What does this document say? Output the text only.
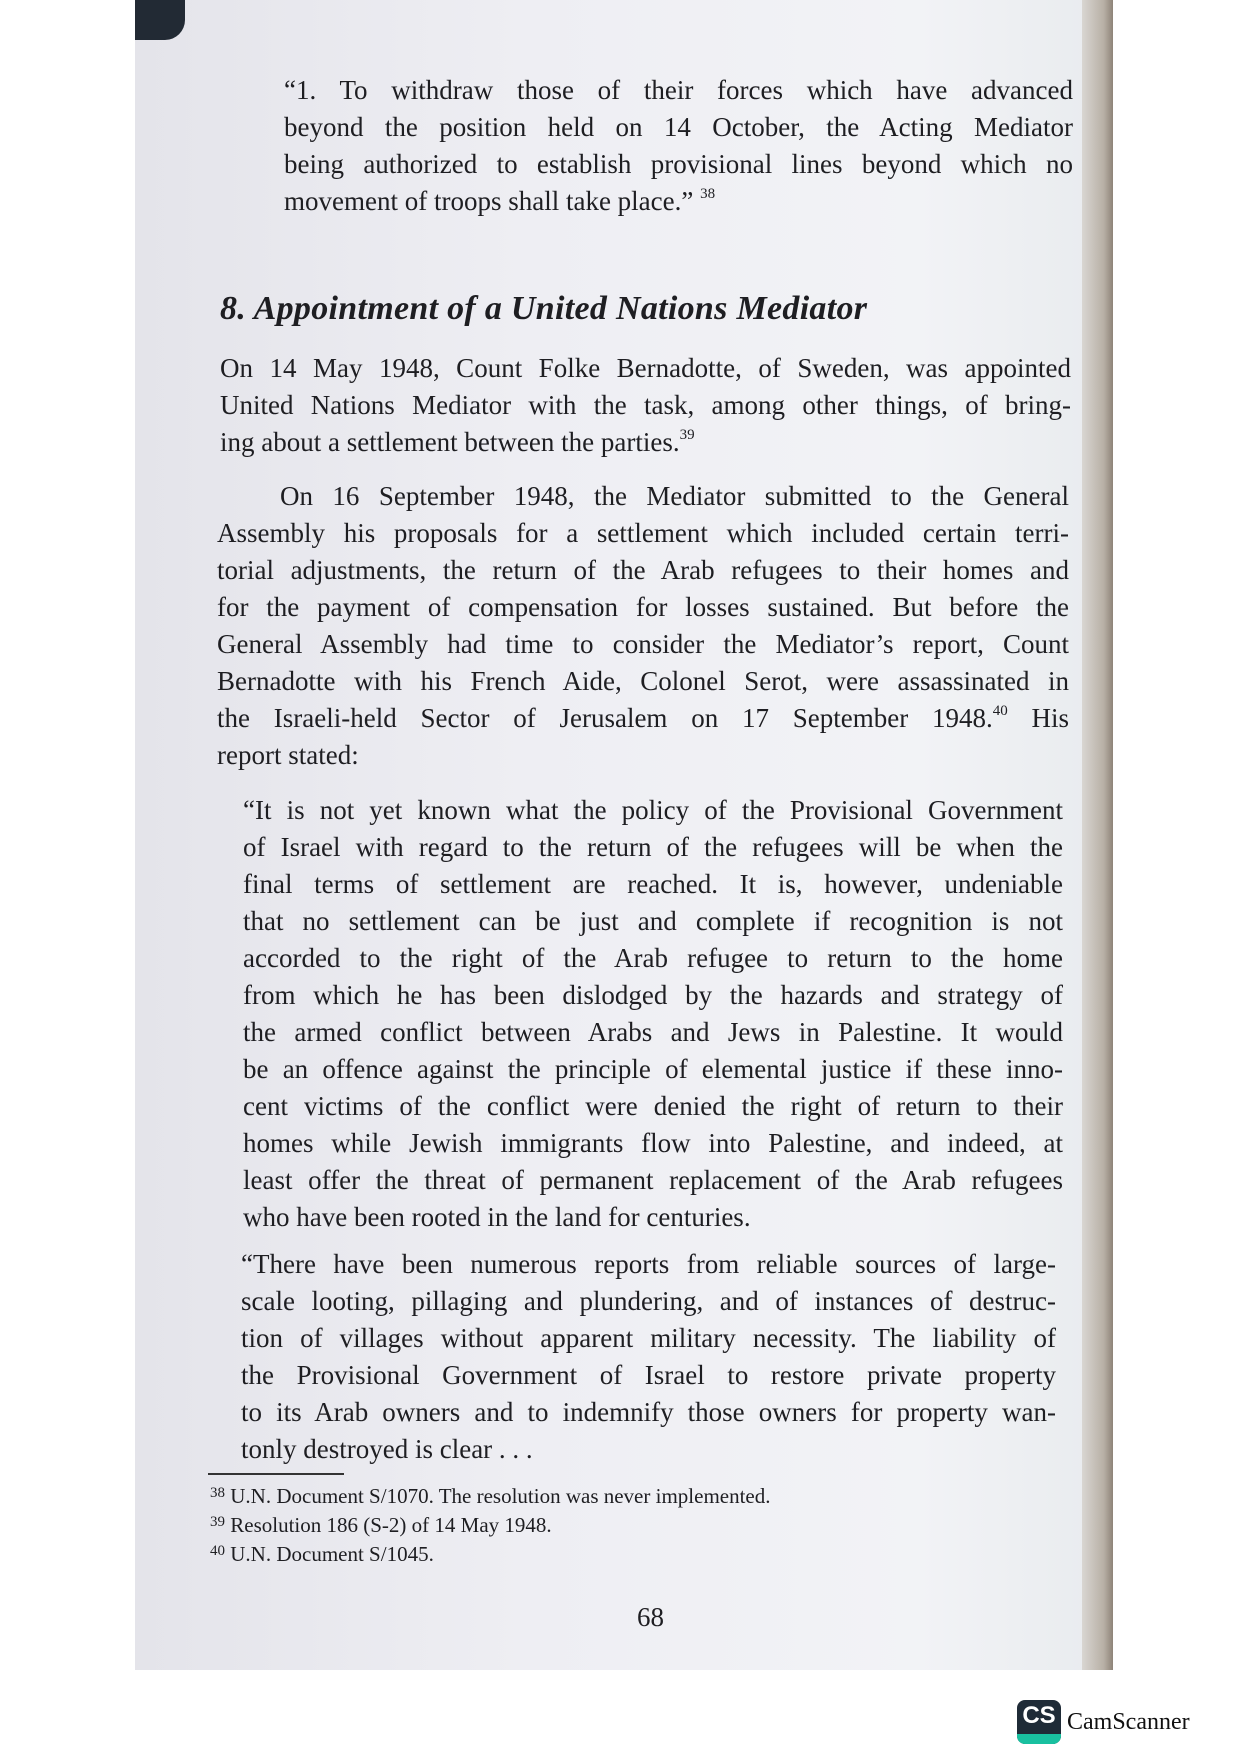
“1. To withdraw those of their forces which have advanced
beyond the position held on 14 October, the Acting Mediator
being authorized to establish provisional lines beyond which no
movement of troops shall take place.” $^{38}$
8. Appointment of a United Nations Mediator
On 14 May 1948, Count Folke Bernadotte, of Sweden, was appointed
United Nations Mediator with the task, among other things, of bring-
ing about a settlement between the parties.$^{39}$
On 16 September 1948, the Mediator submitted to the General
Assembly his proposals for a settlement which included certain terri-
torial adjustments, the return of the Arab refugees to their homes and
for the payment of compensation for losses sustained. But before the
General Assembly had time to consider the Mediator’s report, Count
Bernadotte with his French Aide, Colonel Serot, were assassinated in
the Israeli-held Sector of Jerusalem on 17 September 1948.40 His
report stated:
“It is not yet known what the policy of the Provisional Government
of Israel with regard to the return of the refugees will be when the
final terms of settlement are reached. It is, however, undeniable
that no settlement can be just and complete if recognition is not
accorded to the right of the Arab refugee to return to the home
from which he has been dislodged by the hazards and strategy of
the armed conflict between Arabs and Jews in Palestine. It would
be an offence against the principle of elemental justice if these inno-
cent victims of the conflict were denied the right of return to their
homes while Jewish immigrants flow into Palestine, and indeed, at
least offer the threat of permanent replacement of the Arab refugees
who have been rooted in the land for centuries.
“There have been numerous reports from reliable sources of large-
scale looting, pillaging and plundering, and of instances of destruc-
tion of villages without apparent military necessity. The liability of
the Provisional Government of Israel to restore private property
to its Arab owners and to indemnify those owners for property wan-
tonly destroyed is clear . . .
$^{38}$ U.N. Document S/1070. The resolution was never implemented.
$^{39}$ Resolution 186 (S-2) of 14 May 1948.
$^{40}$ U.N. Document S/1045.
68
CS CamScanner
